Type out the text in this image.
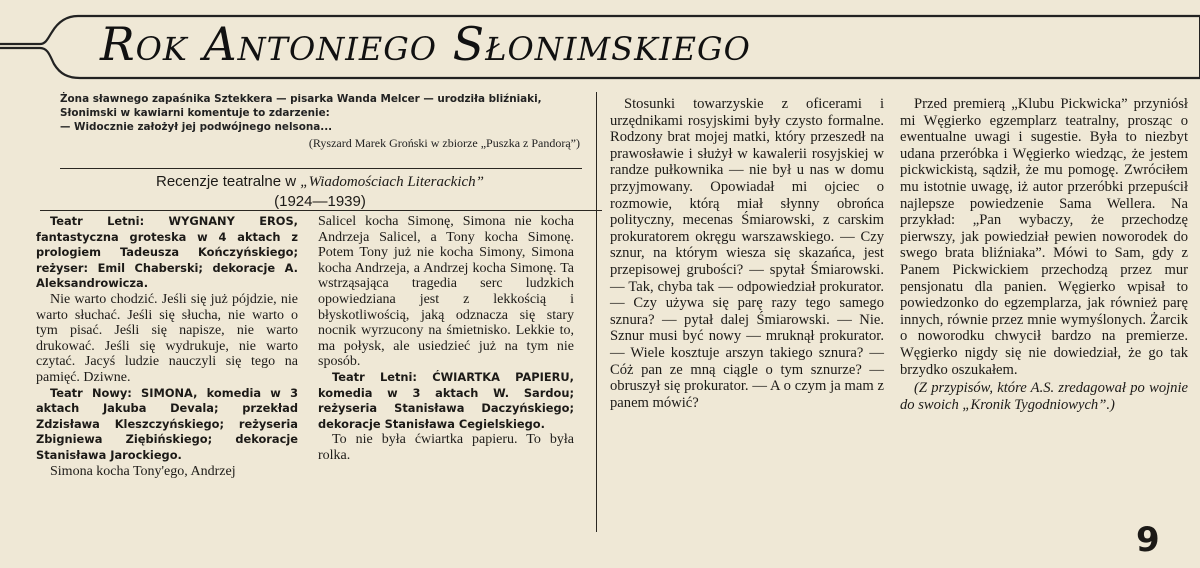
Rok Antoniego Słonimskiego

Żona sławnego zapaśnika Sztekkera — pisarka Wanda Melcer — urodziła bliźniaki, Słonimski w kawiarni komentuje to zdarzenie:

— Widocznie założył jej podwójnego nelsona...

(Ryszard Marek Groński w zbiorze „Puszka z Pandorą”)

Recenzje teatralne w „Wiadomościach Literackich”
(1924—1939)

Teatr Letni: WYGNANY EROS, fantastyczna groteska w 4 aktach z prologiem Tadeusza Kończyńskiego; reżyser: Emil Chaberski; dekoracje A. Aleksandrowicza.

Nie warto chodzić. Jeśli się już pójdzie, nie warto słuchać. Jeśli się słucha, nie warto o tym pisać. Jeśli się napisze, nie warto drukować. Jeśli się wydrukuje, nie warto czytać. Jacyś ludzie nauczyli się tego na pamięć. Dziwne.

Teatr Nowy: SIMONA, komedia w 3 aktach Jakuba Devala; przekład Zdzisława Kleszczyńskiego; reżyseria Zbigniewa Ziębińskiego; dekoracje Stanisława Jarockiego.

Simona kocha Tony'ego, Andrzej

Salicel kocha Simonę, Simona nie kocha Andrzeja Salicel, a Tony kocha Simonę. Potem Tony już nie kocha Simony, Simona kocha Andrzeja, a Andrzej kocha Simonę. Ta wstrząsająca tragedia serc ludzkich opowiedziana jest z lekkością i błyskotliwością, jaką odznacza się stary nocnik wyrzucony na śmietnisko. Lekkie to, ma połysk, ale usiedzieć już na tym nie sposób.

Teatr Letni: ĆWIARTKA PAPIERU, komedia w 3 aktach W. Sardou; reżyseria Stanisława Daczyńskiego; dekoracje Stanisława Cegielskiego.

To nie była ćwiartka papieru. To była rolka.

Stosunki towarzyskie z oficerami i urzędnikami rosyjskimi były czysto formalne. Rodzony brat mojej matki, który przeszedł na prawosławie i służył w kawalerii rosyjskiej w randze pułkownika — nie był u nas w domu przyjmowany. Opowiadał mi ojciec o rozmowie, którą miał słynny obrońca polityczny, mecenas Śmiarowski, z carskim prokuratorem okręgu warszawskiego. — Czy sznur, na którym wiesza się skazańca, jest przepisowej grubości? — spytał Śmiarowski. — Tak, chyba tak — odpowiedział prokurator. — Czy używa się parę razy tego samego sznura? — pytał dalej Śmiarowski. — Nie. Sznur musi być nowy — mruknął prokurator. — Wiele kosztuje arszyn takiego sznura? — Cóż pan ze mną ciągle o tym sznurze? — obruszył się prokurator. — A o czym ja mam z panem mówić?

Przed premierą „Klubu Pickwicka” przyniósł mi Węgierko egzemplarz teatralny, prosząc o ewentualne uwagi i sugestie. Była to niezbyt udana przeróbka i Węgierko wiedząc, że jestem pickwickistą, sądził, że mu pomogę. Zwróciłem mu istotnie uwagę, iż autor przeróbki przepuścił najlepsze powiedzenie Sama Wellera. Na przykład: „Pan wybaczy, że przechodzę pierwszy, jak powiedział pewien noworodek do swego brata bliźniaka”. Mówi to Sam, gdy z Panem Pickwickiem przechodzą przez mur pensjonatu dla panien. Węgierko wpisał to powiedzonko do egzemplarza, jak również parę innych, równie przez mnie wymyślonych. Żarcik o noworodku chwycił bardzo na premierze. Węgierko nigdy się nie dowiedział, że go tak brzydko oszukałem.

(Z przypisów, które A.S. zredagował po wojnie do swoich „Kronik Tygodniowych”.)

9
